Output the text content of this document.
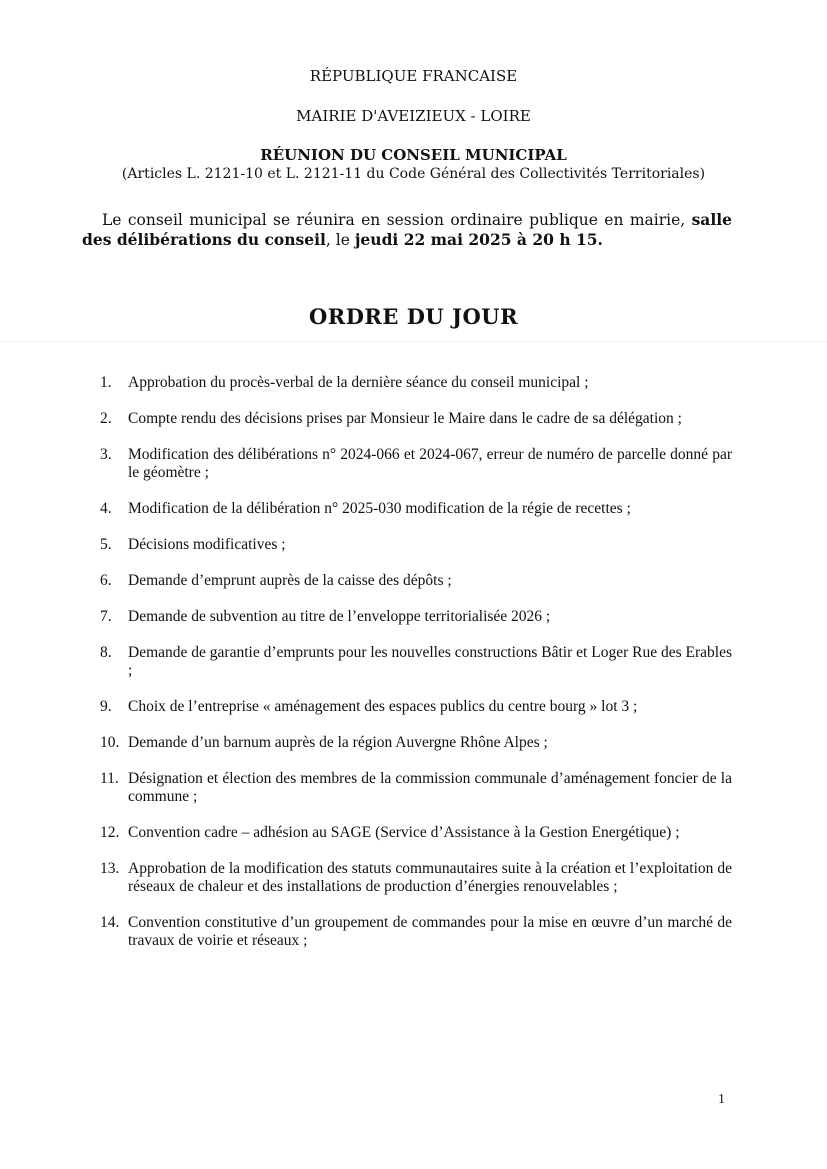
RÉPUBLIQUE FRANCAISE
MAIRIE D'AVEIZIEUX - LOIRE
RÉUNION DU CONSEIL MUNICIPAL
(Articles L. 2121-10 et L. 2121-11 du Code Général des Collectivités Territoriales)
Le conseil municipal se réunira en session ordinaire publique en mairie, salle des délibérations du conseil, le jeudi 22 mai 2025 à 20 h 15.
ORDRE DU JOUR
1.	Approbation du procès-verbal de la dernière séance du conseil municipal ;
2.	Compte rendu des décisions prises par Monsieur le Maire dans le cadre de sa délégation ;
3.	Modification des délibérations n° 2024-066 et 2024-067, erreur de numéro de parcelle donné par le géomètre ;
4.	Modification de la délibération n° 2025-030 modification de la régie de recettes ;
5.	Décisions modificatives ;
6.	Demande d’emprunt auprès de la caisse des dépôts ;
7.	Demande de subvention au titre de l’enveloppe territorialisée 2026 ;
8.	Demande de garantie d’emprunts pour les nouvelles constructions Bâtir et Loger Rue des Erables ;
9.	Choix de l’entreprise « aménagement des espaces publics du centre bourg » lot 3 ;
10. Demande d’un barnum auprès de la région Auvergne Rhône Alpes ;
11. Désignation et élection des membres de la commission communale d’aménagement foncier de la commune ;
12. Convention cadre – adhésion au SAGE (Service d’Assistance à la Gestion Energétique) ;
13. Approbation de la modification des statuts communautaires suite à la création et l’exploitation de réseaux de chaleur et des installations de production d’énergies renouvelables ;
14. Convention constitutive d’un groupement de commandes pour la mise en œuvre d’un marché de travaux de voirie et réseaux ;
1
